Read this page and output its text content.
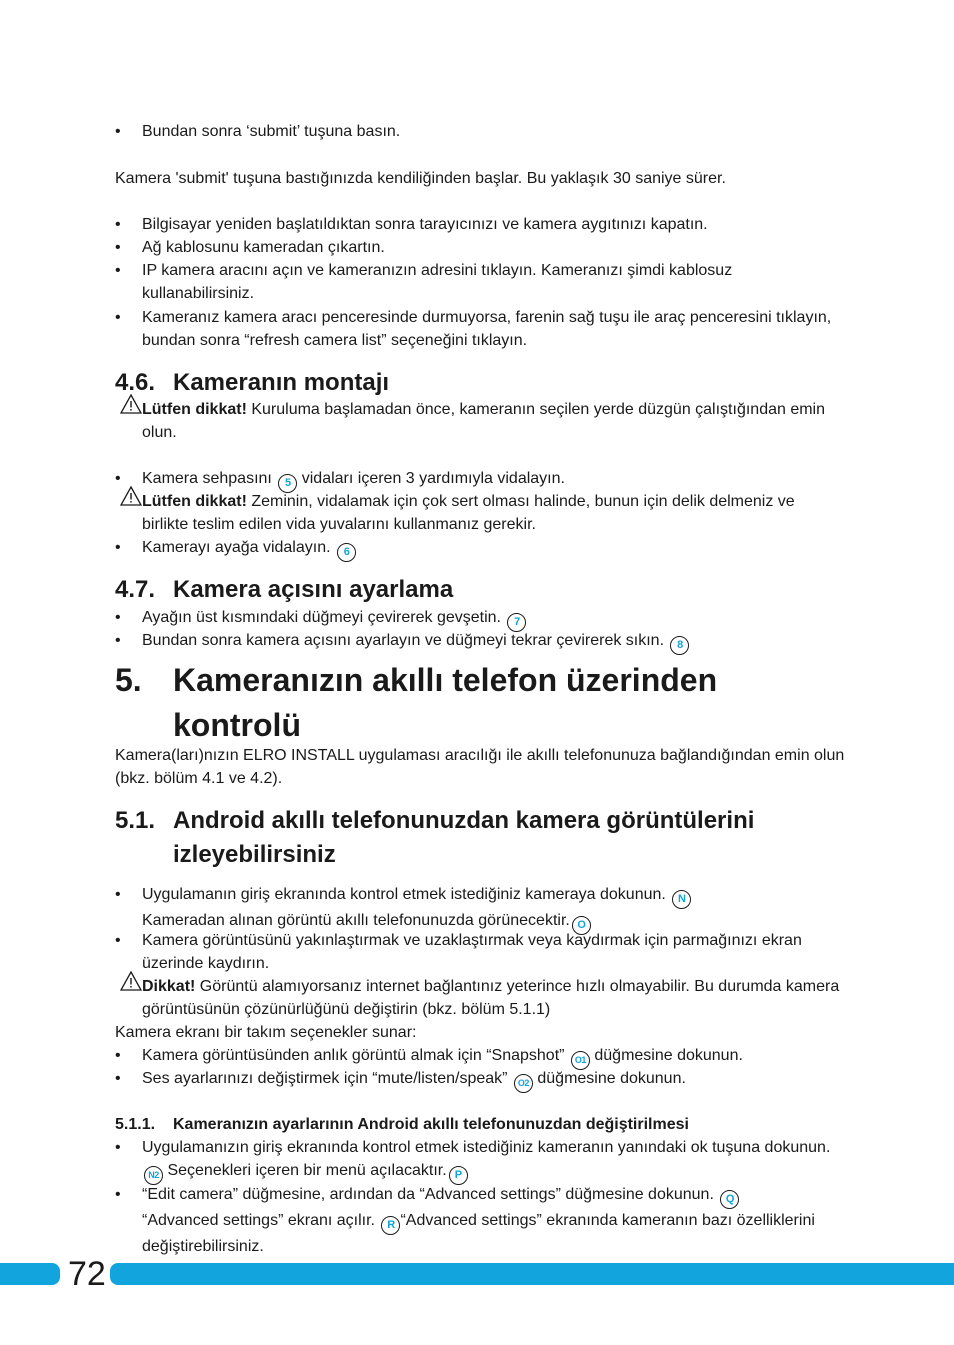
• Bundan sonra ‘submit’ tuşuna basın.
Kamera 'submit' tuşuna bastığınızda kendiliğinden başlar. Bu yaklaşık 30 saniye sürer.
• Bilgisayar yeniden başlatıldıktan sonra tarayıcınızı ve kamera aygıtınızı kapatın.
• Ağ kablosunu kameradan çıkartın.
• IP kamera aracını açın ve kameranızın adresini tıklayın. Kameranızı şimdi kablosuz kullanabilirsiniz.
• Kameranız kamera aracı penceresinde durmuyorsa, farenin sağ tuşu ile araç penceresini tıklayın, bundan sonra “refresh camera list” seçeneğini tıklayın.
4.6. Kameranın montajı
Lütfen dikkat! Kuruluma başlamadan önce, kameranın seçilen yerde düzgün çalıştığından emin olun.
• Kamera sehpasını 5 vidaları içeren 3 yardımıyla vidalayın.
Lütfen dikkat! Zeminin, vidalamak için çok sert olması halinde, bunun için delik delmeniz ve birlikte teslim edilen vida yuvalarını kullanmanız gerekir.
• Kamerayı ayağa vidalayın. 6
4.7. Kamera açısını ayarlama
• Ayağın üst kısmındaki düğmeyi çevirerek gevşetin. 7
• Bundan sonra kamera açısını ayarlayın ve düğmeyi tekrar çevirerek sıkın. 8
5. Kameranızın akıllı telefon üzerinden kontrolü
Kamera(ları)nızın ELRO INSTALL uygulaması aracılığı ile akıllı telefonunuza bağlandığından emin olun (bkz. bölüm 4.1 ve 4.2).
5.1. Android akıllı telefonunuzdan kamera görüntülerini izleyebilirsiniz
• Uygulamanın giriş ekranında kontrol etmek istediğiniz kameraya dokunun. N
Kameradan alınan görüntü akıllı telefonunuzda görünecektir. O
• Kamera görüntüsünü yakınlaştırmak ve uzaklaştırmak veya kaydırmak için parmağınızı ekran üzerinde kaydırın.
Dikkat! Görüntü alamıyorsanız internet bağlantınız yeterince hızlı olmayabilir. Bu durumda kamera görüntüsünün çözünürlüğünü değiştirin (bkz. bölüm 5.1.1)
Kamera ekranı bir takım seçenekler sunar:
• Kamera görüntüsünden anlık görüntü almak için “Snapshot” O1 düğmesine dokunun.
• Ses ayarlarınızı değiştirmek için “mute/listen/speak” O2 düğmesine dokunun.
5.1.1. Kameranızın ayarlarının Android akıllı telefonunuzdan değiştirilmesi
• Uygulamanızın giriş ekranında kontrol etmek istediğiniz kameranın yanındaki ok tuşuna dokunun. N2 Seçenekleri içeren bir menü açılacaktır. P
• “Edit camera” düğmesine, ardından da “Advanced settings” düğmesine dokunun. Q
“Advanced settings” ekranı açılır. R “Advanced settings” ekranında kameranın bazı özelliklerini değiştirebilirsiniz.
72
